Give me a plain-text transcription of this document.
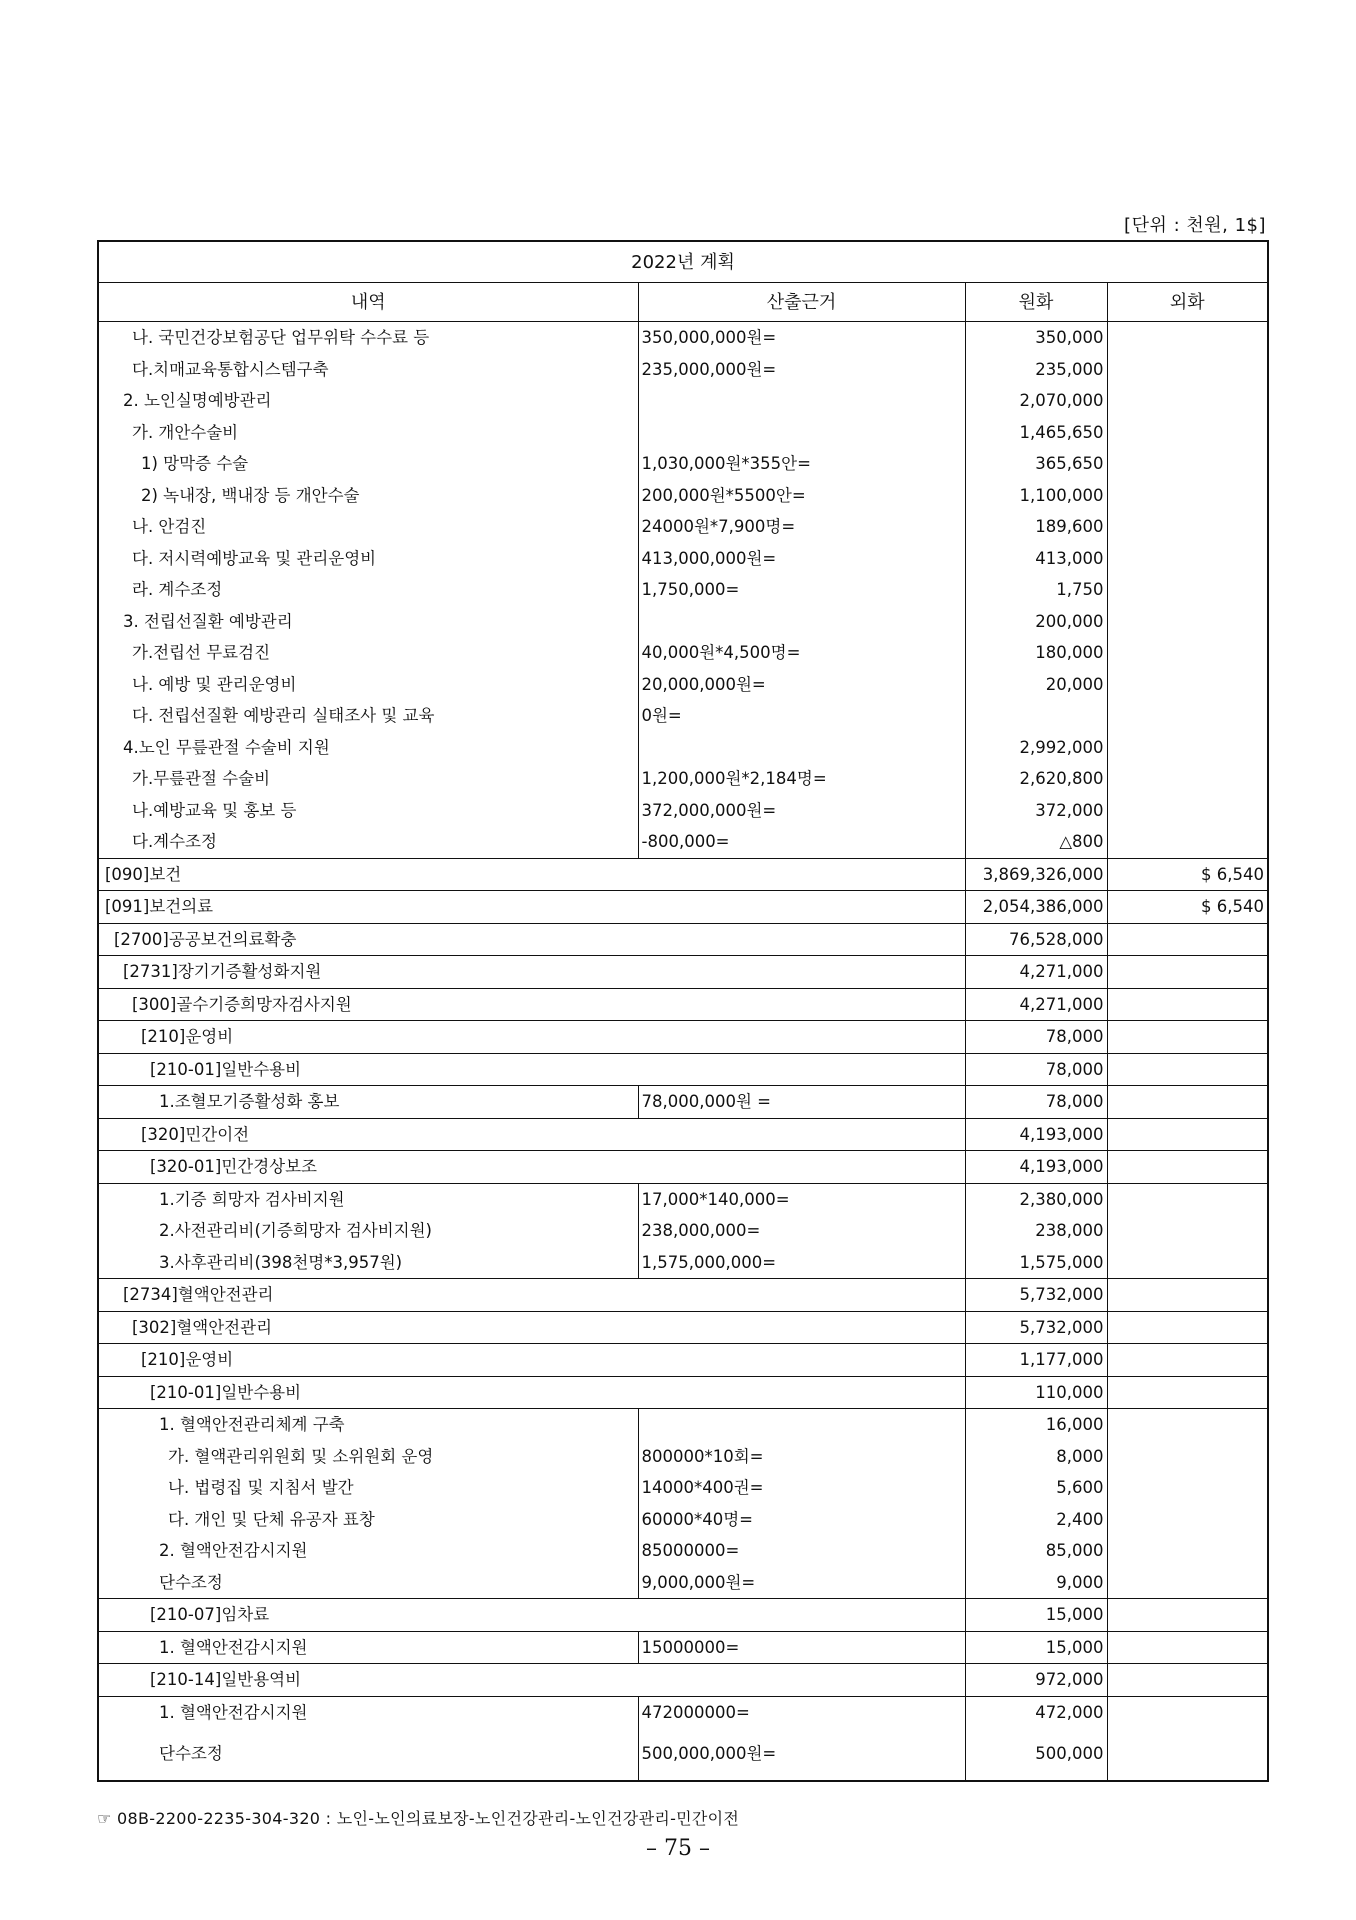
[단위 : 천원, 1$]
2022년 계획			
내역	산출근거	원화	외화
나. 국민건강보험공단 업무위탁 수수료 등	350,000,000원=	350,000	
다.치매교육통합시스템구축	235,000,000원=	235,000	
2. 노인실명예방관리		2,070,000	
가. 개안수술비		1,465,650	
1) 망막증 수술	1,030,000원*355안=	365,650	
2) 녹내장, 백내장 등 개안수술	200,000원*5500안=	1,100,000	
나. 안검진	24000원*7,900명=	189,600	
다. 저시력예방교육 및 관리운영비	413,000,000원=	413,000	
라. 계수조정	1,750,000=	1,750	
3. 전립선질환 예방관리		200,000	
가.전립선 무료검진	40,000원*4,500명=	180,000	
나. 예방 및 관리운영비	20,000,000원=	20,000	
다. 전립선질환 예방관리 실태조사 및 교육	0원=		
4.노인 무릎관절 수술비 지원		2,992,000	
가.무릎관절 수술비	1,200,000원*2,184명=	2,620,800	
나.예방교육 및 홍보 등	372,000,000원=	372,000	
다.계수조정	-800,000=	△800	
[090]보건		3,869,326,000	$ 6,540
[091]보건의료		2,054,386,000	$ 6,540
[2700]공공보건의료확충		76,528,000	
[2731]장기기증활성화지원		4,271,000	
[300]골수기증희망자검사지원		4,271,000	
[210]운영비		78,000	
[210-01]일반수용비		78,000	
1.조혈모기증활성화 홍보	78,000,000원 =	78,000	
[320]민간이전		4,193,000	
[320-01]민간경상보조		4,193,000	
1.기증 희망자 검사비지원	17,000*140,000=	2,380,000	
2.사전관리비(기증희망자 검사비지원)	238,000,000=	238,000	
3.사후관리비(398천명*3,957원)	1,575,000,000=	1,575,000	
[2734]혈액안전관리		5,732,000	
[302]혈액안전관리		5,732,000	
[210]운영비		1,177,000	
[210-01]일반수용비		110,000	
1. 혈액안전관리체계 구축		16,000	
가. 혈액관리위원회 및 소위원회 운영	800000*10회=	8,000	
나. 법령집 및 지침서 발간	14000*400권=	5,600	
다. 개인 및 단체 유공자 표창	60000*40명=	2,400	
2. 혈액안전감시지원	85000000=	85,000	
단수조정	9,000,000원=	9,000	
[210-07]임차료		15,000	
1. 혈액안전감시지원	15000000=	15,000	
[210-14]일반용역비		972,000	
1. 혈액안전감시지원	472000000=	472,000	
단수조정	500,000,000원=	500,000	
☞ 08B-2200-2235-304-320 : 노인-노인의료보장-노인건강관리-노인건강관리-민간이전
– 75 –
